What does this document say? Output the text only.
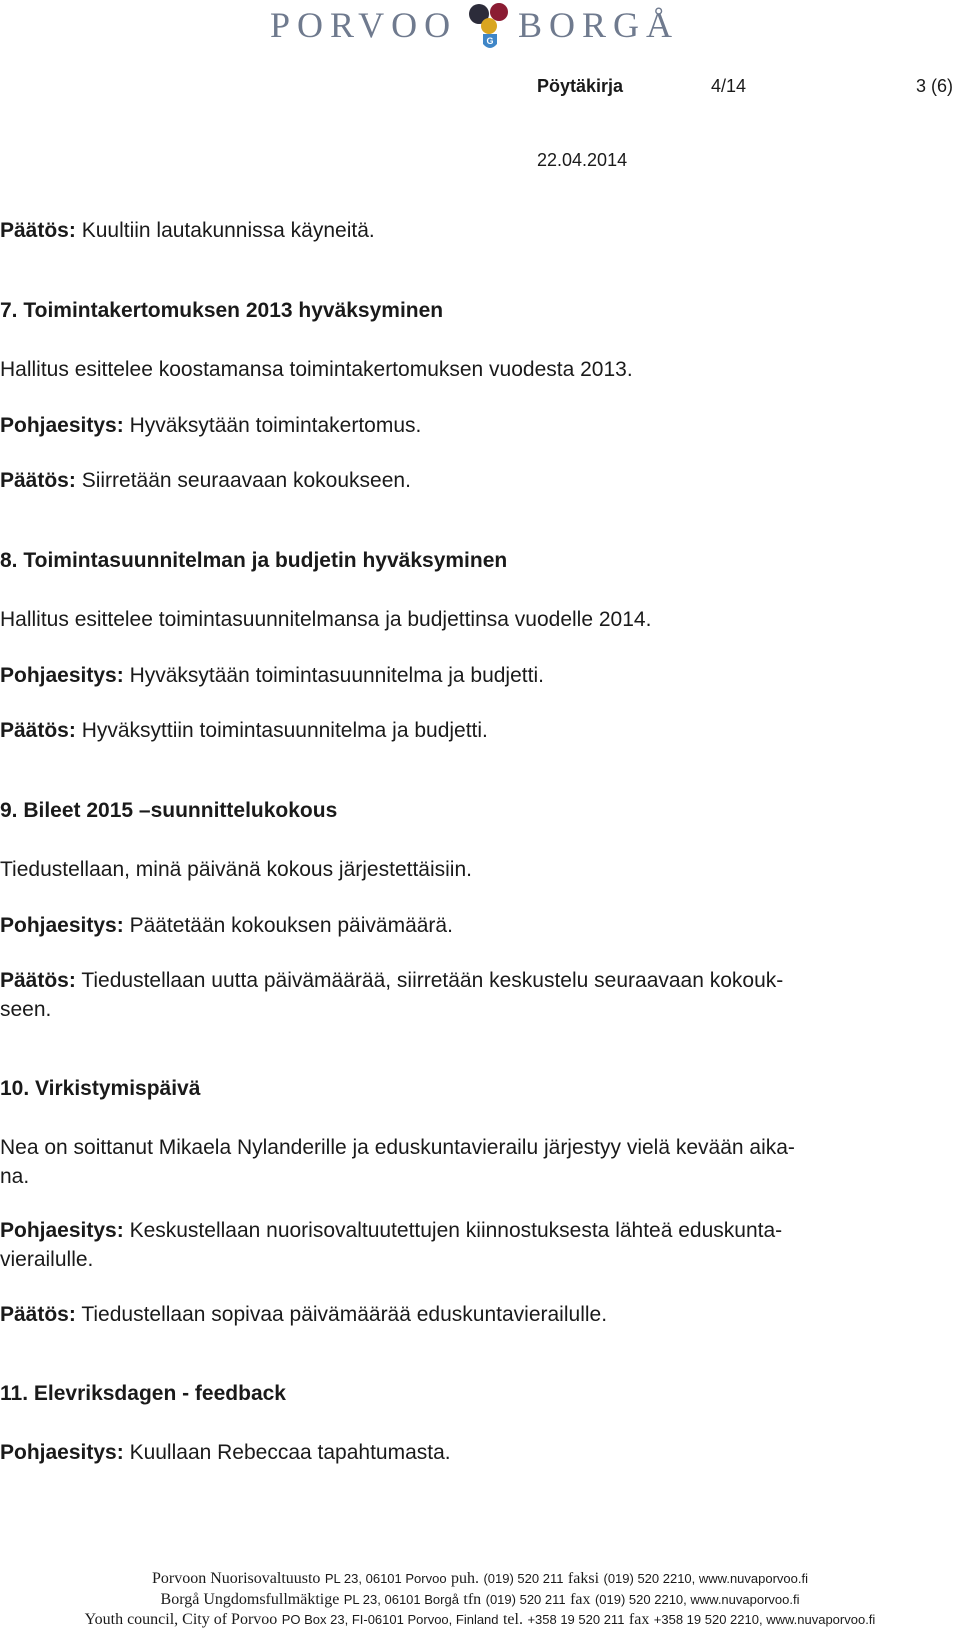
PORVOO	G BORGÅ
Pöytäkirja	4/14	3 (6)
22.04.2014

Päätös: Kuultiin lautakunnissa käyneitä.

7. Toimintakertomuksen 2013 hyväksyminen

Hallitus esittelee koostamansa toimintakertomuksen vuodesta 2013.

Pohjaesitys: Hyväksytään toimintakertomus.

Päätös: Siirretään seuraavaan kokoukseen.

8. Toimintasuunnitelman ja budjetin hyväksyminen

Hallitus esittelee toimintasuunnitelmansa ja budjettinsa vuodelle 2014.

Pohjaesitys: Hyväksytään toimintasuunnitelma ja budjetti.

Päätös: Hyväksyttiin toimintasuunnitelma ja budjetti.

9. Bileet 2015 –suunnittelukokous

Tiedustellaan, minä päivänä kokous järjestettäisiin.

Pohjaesitys: Päätetään kokouksen päivämäärä.

Päätös: Tiedustellaan uutta päivämäärää, siirretään keskustelu seuraavaan kokouk-
seen.

10. Virkistymispäivä

Nea on soittanut Mikaela Nylanderille ja eduskuntavierailu järjestyy vielä kevään aika-
na.

Pohjaesitys: Keskustellaan nuorisovaltuutettujen kiinnostuksesta lähteä eduskunta-
vierailulle.

Päätös: Tiedustellaan sopivaa päivämäärää eduskuntavierailulle.

11. Elevriksdagen - feedback

Pohjaesitys: Kuullaan Rebeccaa tapahtumasta.

Porvoon Nuorisovaltuusto PL 23, 06101 Porvoo puh. (019) 520 211 faksi (019) 520 2210, www.nuvaporvoo.fi
Borgå Ungdomsfullmäktige PL 23, 06101 Borgå tfn (019) 520 211 fax (019) 520 2210, www.nuvaporvoo.fi
Youth council, City of Porvoo PO Box 23, FI-06101 Porvoo, Finland tel. +358 19 520 211 fax +358 19 520 2210, www.nuvaporvoo.fi
